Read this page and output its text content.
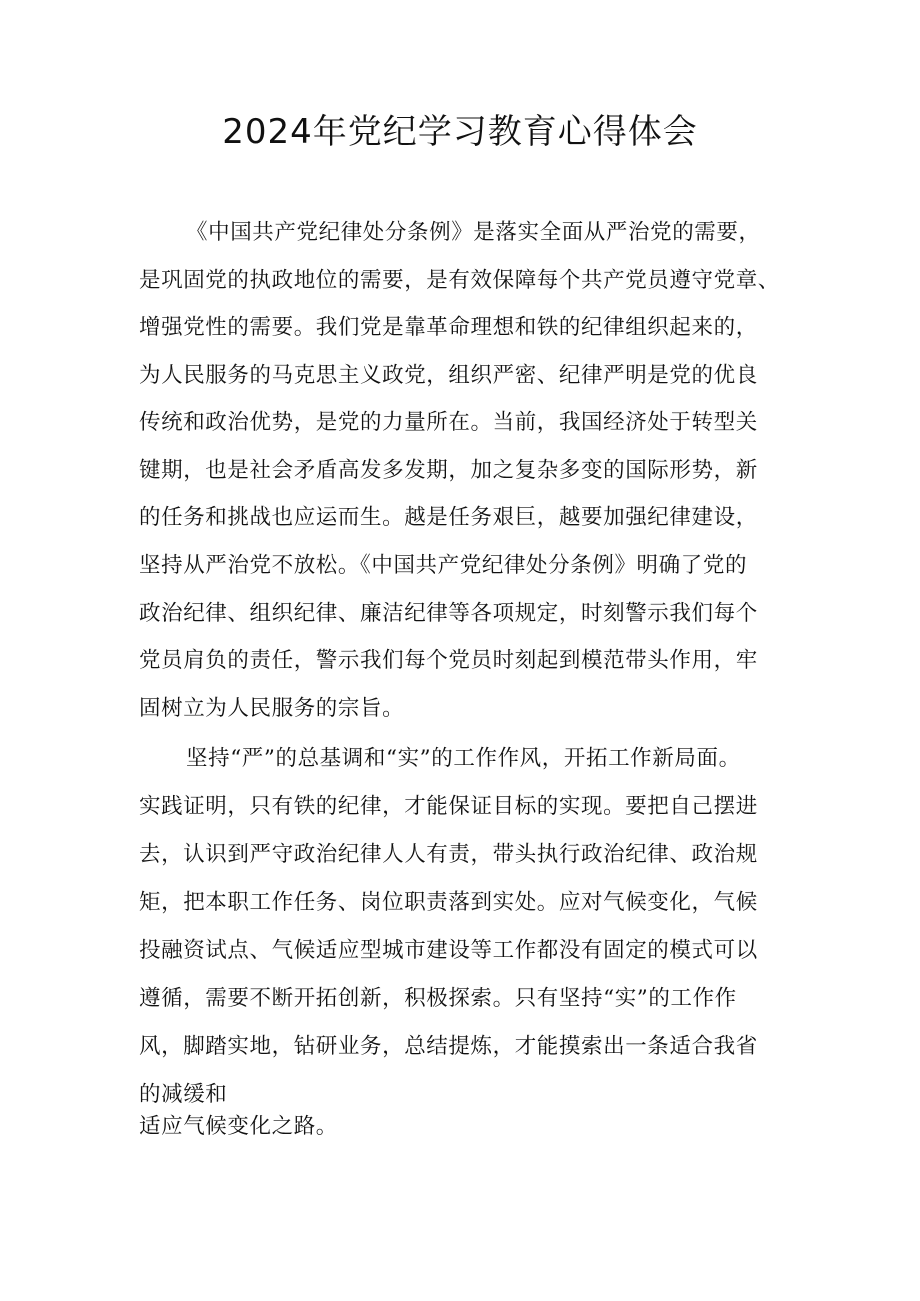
2024年党纪学习教育心得体会
《中国共产党纪律处分条例》是落实全面从严治党的需要，
是巩固党的执政地位的需要，是有效保障每个共产党员遵守党章、
增强党性的需要。我们党是靠革命理想和铁的纪律组织起来的，
为人民服务的马克思主义政党，组织严密、纪律严明是党的优良
传统和政治优势，是党的力量所在。当前，我国经济处于转型关
键期，也是社会矛盾高发多发期，加之复杂多变的国际形势，新
的任务和挑战也应运而生。越是任务艰巨，越要加强纪律建设，
坚持从严治党不放松。《中国共产党纪律处分条例》明确了党的
政治纪律、组织纪律、廉洁纪律等各项规定，时刻警示我们每个
党员肩负的责任，警示我们每个党员时刻起到模范带头作用，牢
固树立为人民服务的宗旨。
坚持“严”的总基调和“实”的工作作风，开拓工作新局面。
实践证明，只有铁的纪律，才能保证目标的实现。要把自己摆进
去，认识到严守政治纪律人人有责，带头执行政治纪律、政治规
矩，把本职工作任务、岗位职责落到实处。应对气候变化，气候
投融资试点、气候适应型城市建设等工作都没有固定的模式可以
遵循，需要不断开拓创新，积极探索。只有坚持“实”的工作作
风，脚踏实地，钻研业务，总结提炼，才能摸索出一条适合我省
的减缓和
适应气候变化之路。
